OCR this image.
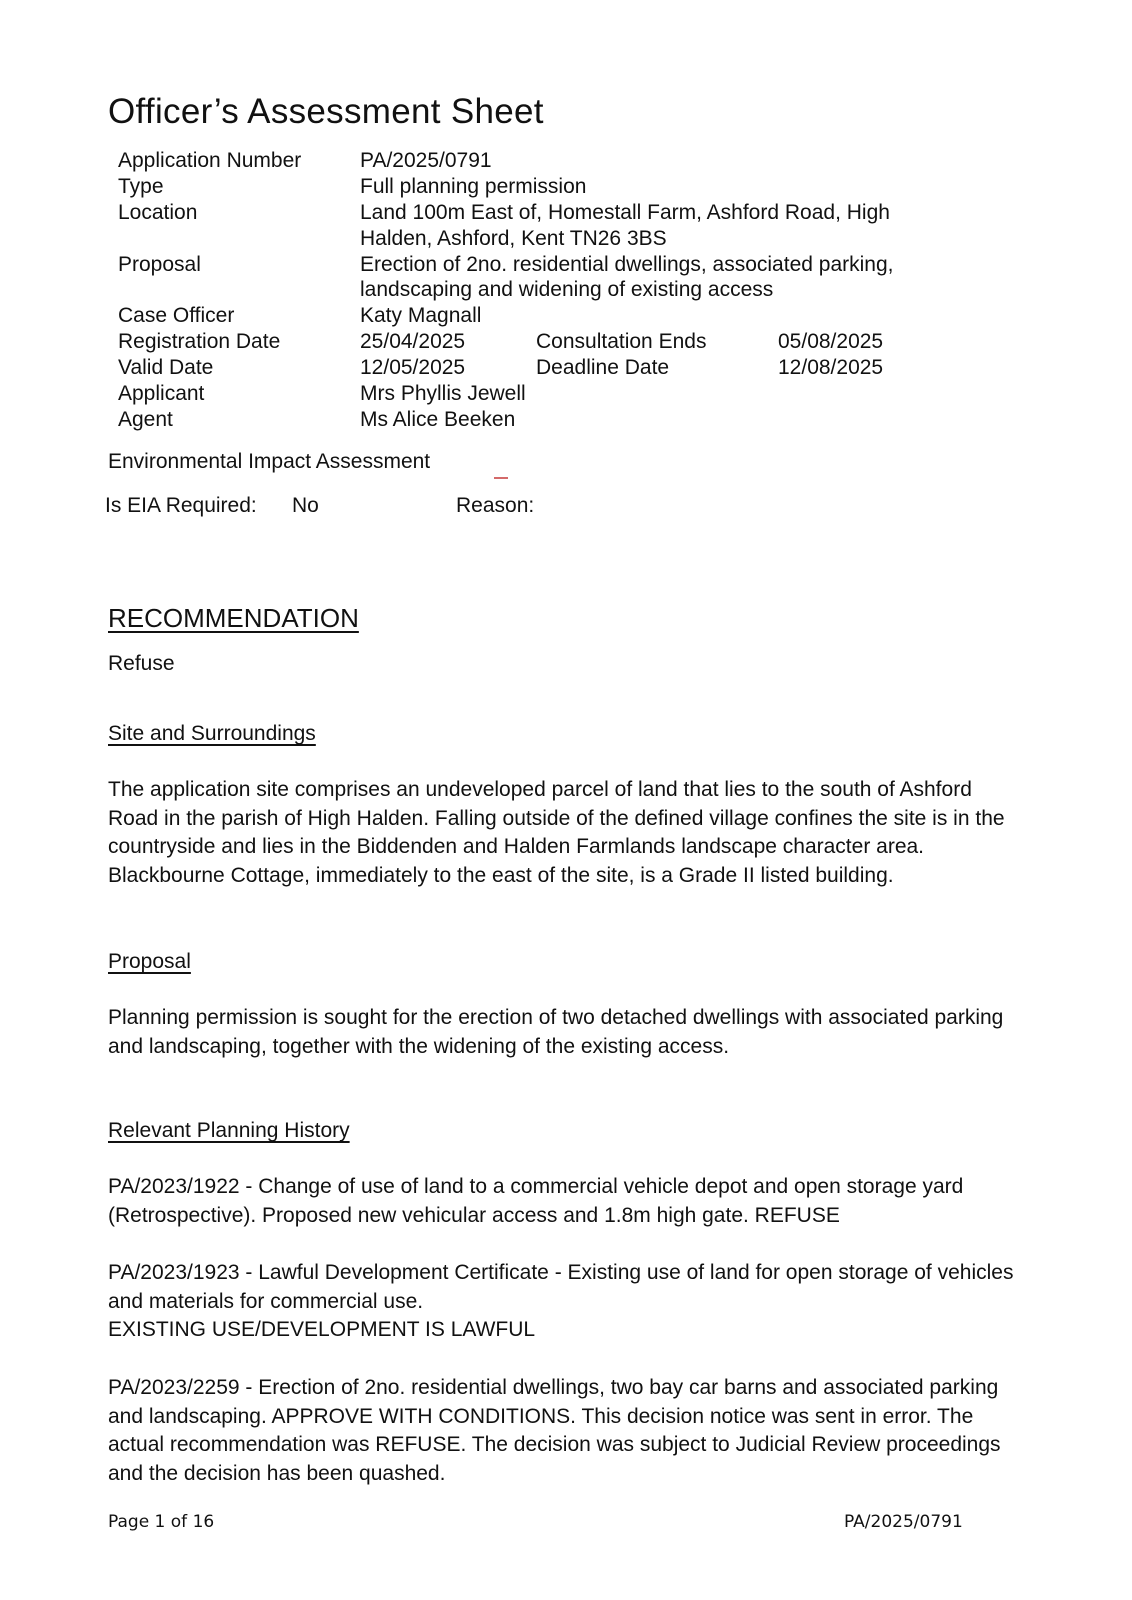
Officer’s Assessment Sheet
Application Number	PA/2025/0791
Type	Full planning permission
Location	Land 100m East of, Homestall Farm, Ashford Road, High
Halden, Ashford, Kent TN26 3BS
Proposal	Erection of 2no. residential dwellings, associated parking,
landscaping and widening of existing access
Case Officer	Katy Magnall
Registration Date	25/04/2025	Consultation Ends	05/08/2025
Valid Date	12/05/2025	Deadline Date	12/08/2025
Applicant	Mrs Phyllis Jewell
Agent	Ms Alice Beeken
Environmental Impact Assessment
Is EIA Required: No	Reason:
RECOMMENDATION
Refuse
Site and Surroundings
The application site comprises an undeveloped parcel of land that lies to the south of Ashford Road in the parish of High Halden. Falling outside of the defined village confines the site is in the countryside and lies in the Biddenden and Halden Farmlands landscape character area. Blackbourne Cottage, immediately to the east of the site, is a Grade II listed building.
Proposal
Planning permission is sought for the erection of two detached dwellings with associated parking and landscaping, together with the widening of the existing access.
Relevant Planning History
PA/2023/1922 - Change of use of land to a commercial vehicle depot and open storage yard (Retrospective). Proposed new vehicular access and 1.8m high gate. REFUSE
PA/2023/1923 - Lawful Development Certificate - Existing use of land for open storage of vehicles and materials for commercial use.
EXISTING USE/DEVELOPMENT IS LAWFUL
PA/2023/2259 - Erection of 2no. residential dwellings, two bay car barns and associated parking and landscaping. APPROVE WITH CONDITIONS. This decision notice was sent in error. The actual recommendation was REFUSE. The decision was subject to Judicial Review proceedings and the decision has been quashed.
Page 1 of 16	PA/2025/0791
